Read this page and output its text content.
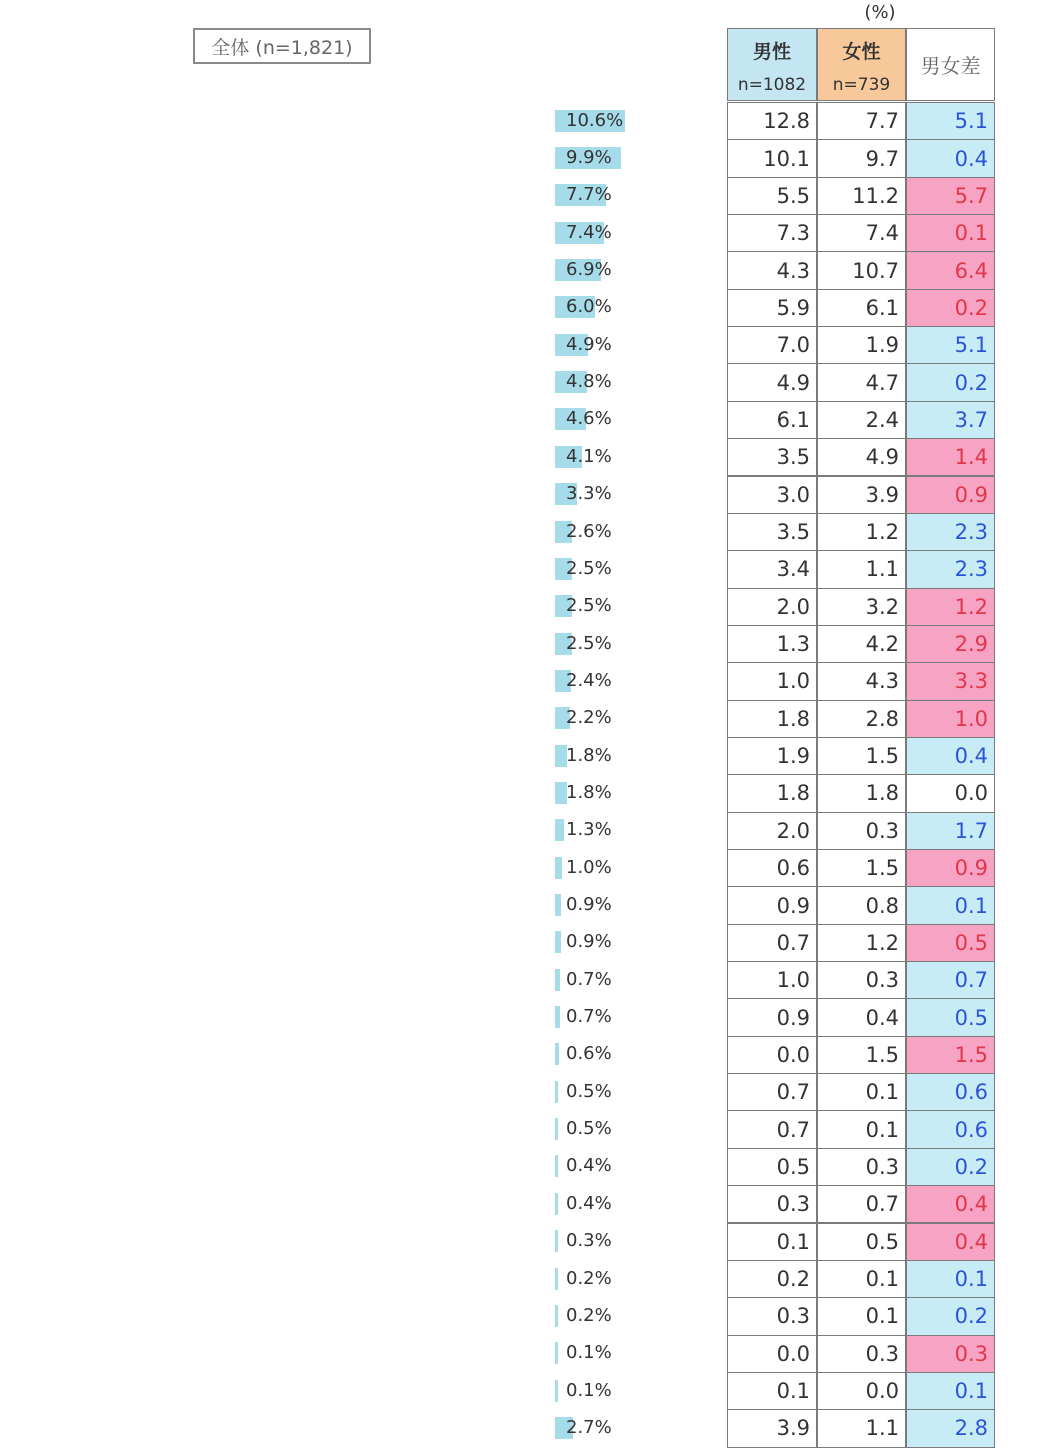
全体 (n=1,821)
(%)
男性
n=1082
女性
n=739
男女差
10.6%	12.8	7.7	5.1
9.9%	10.1	9.7	0.4
7.7%	5.5	11.2	5.7
7.4%	7.3	7.4	0.1
6.9%	4.3	10.7	6.4
6.0%	5.9	6.1	0.2
4.9%	7.0	1.9	5.1
4.8%	4.9	4.7	0.2
4.6%	6.1	2.4	3.7
4.1%	3.5	4.9	1.4
3.3%	3.0	3.9	0.9
2.6%	3.5	1.2	2.3
2.5%	3.4	1.1	2.3
2.5%	2.0	3.2	1.2
2.5%	1.3	4.2	2.9
2.4%	1.0	4.3	3.3
2.2%	1.8	2.8	1.0
1.8%	1.9	1.5	0.4
1.8%	1.8	1.8	0.0
1.3%	2.0	0.3	1.7
1.0%	0.6	1.5	0.9
0.9%	0.9	0.8	0.1
0.9%	0.7	1.2	0.5
0.7%	1.0	0.3	0.7
0.7%	0.9	0.4	0.5
0.6%	0.0	1.5	1.5
0.5%	0.7	0.1	0.6
0.5%	0.7	0.1	0.6
0.4%	0.5	0.3	0.2
0.4%	0.3	0.7	0.4
0.3%	0.1	0.5	0.4
0.2%	0.2	0.1	0.1
0.2%	0.3	0.1	0.2
0.1%	0.0	0.3	0.3
0.1%	0.1	0.0	0.1
2.7%	3.9	1.1	2.8
